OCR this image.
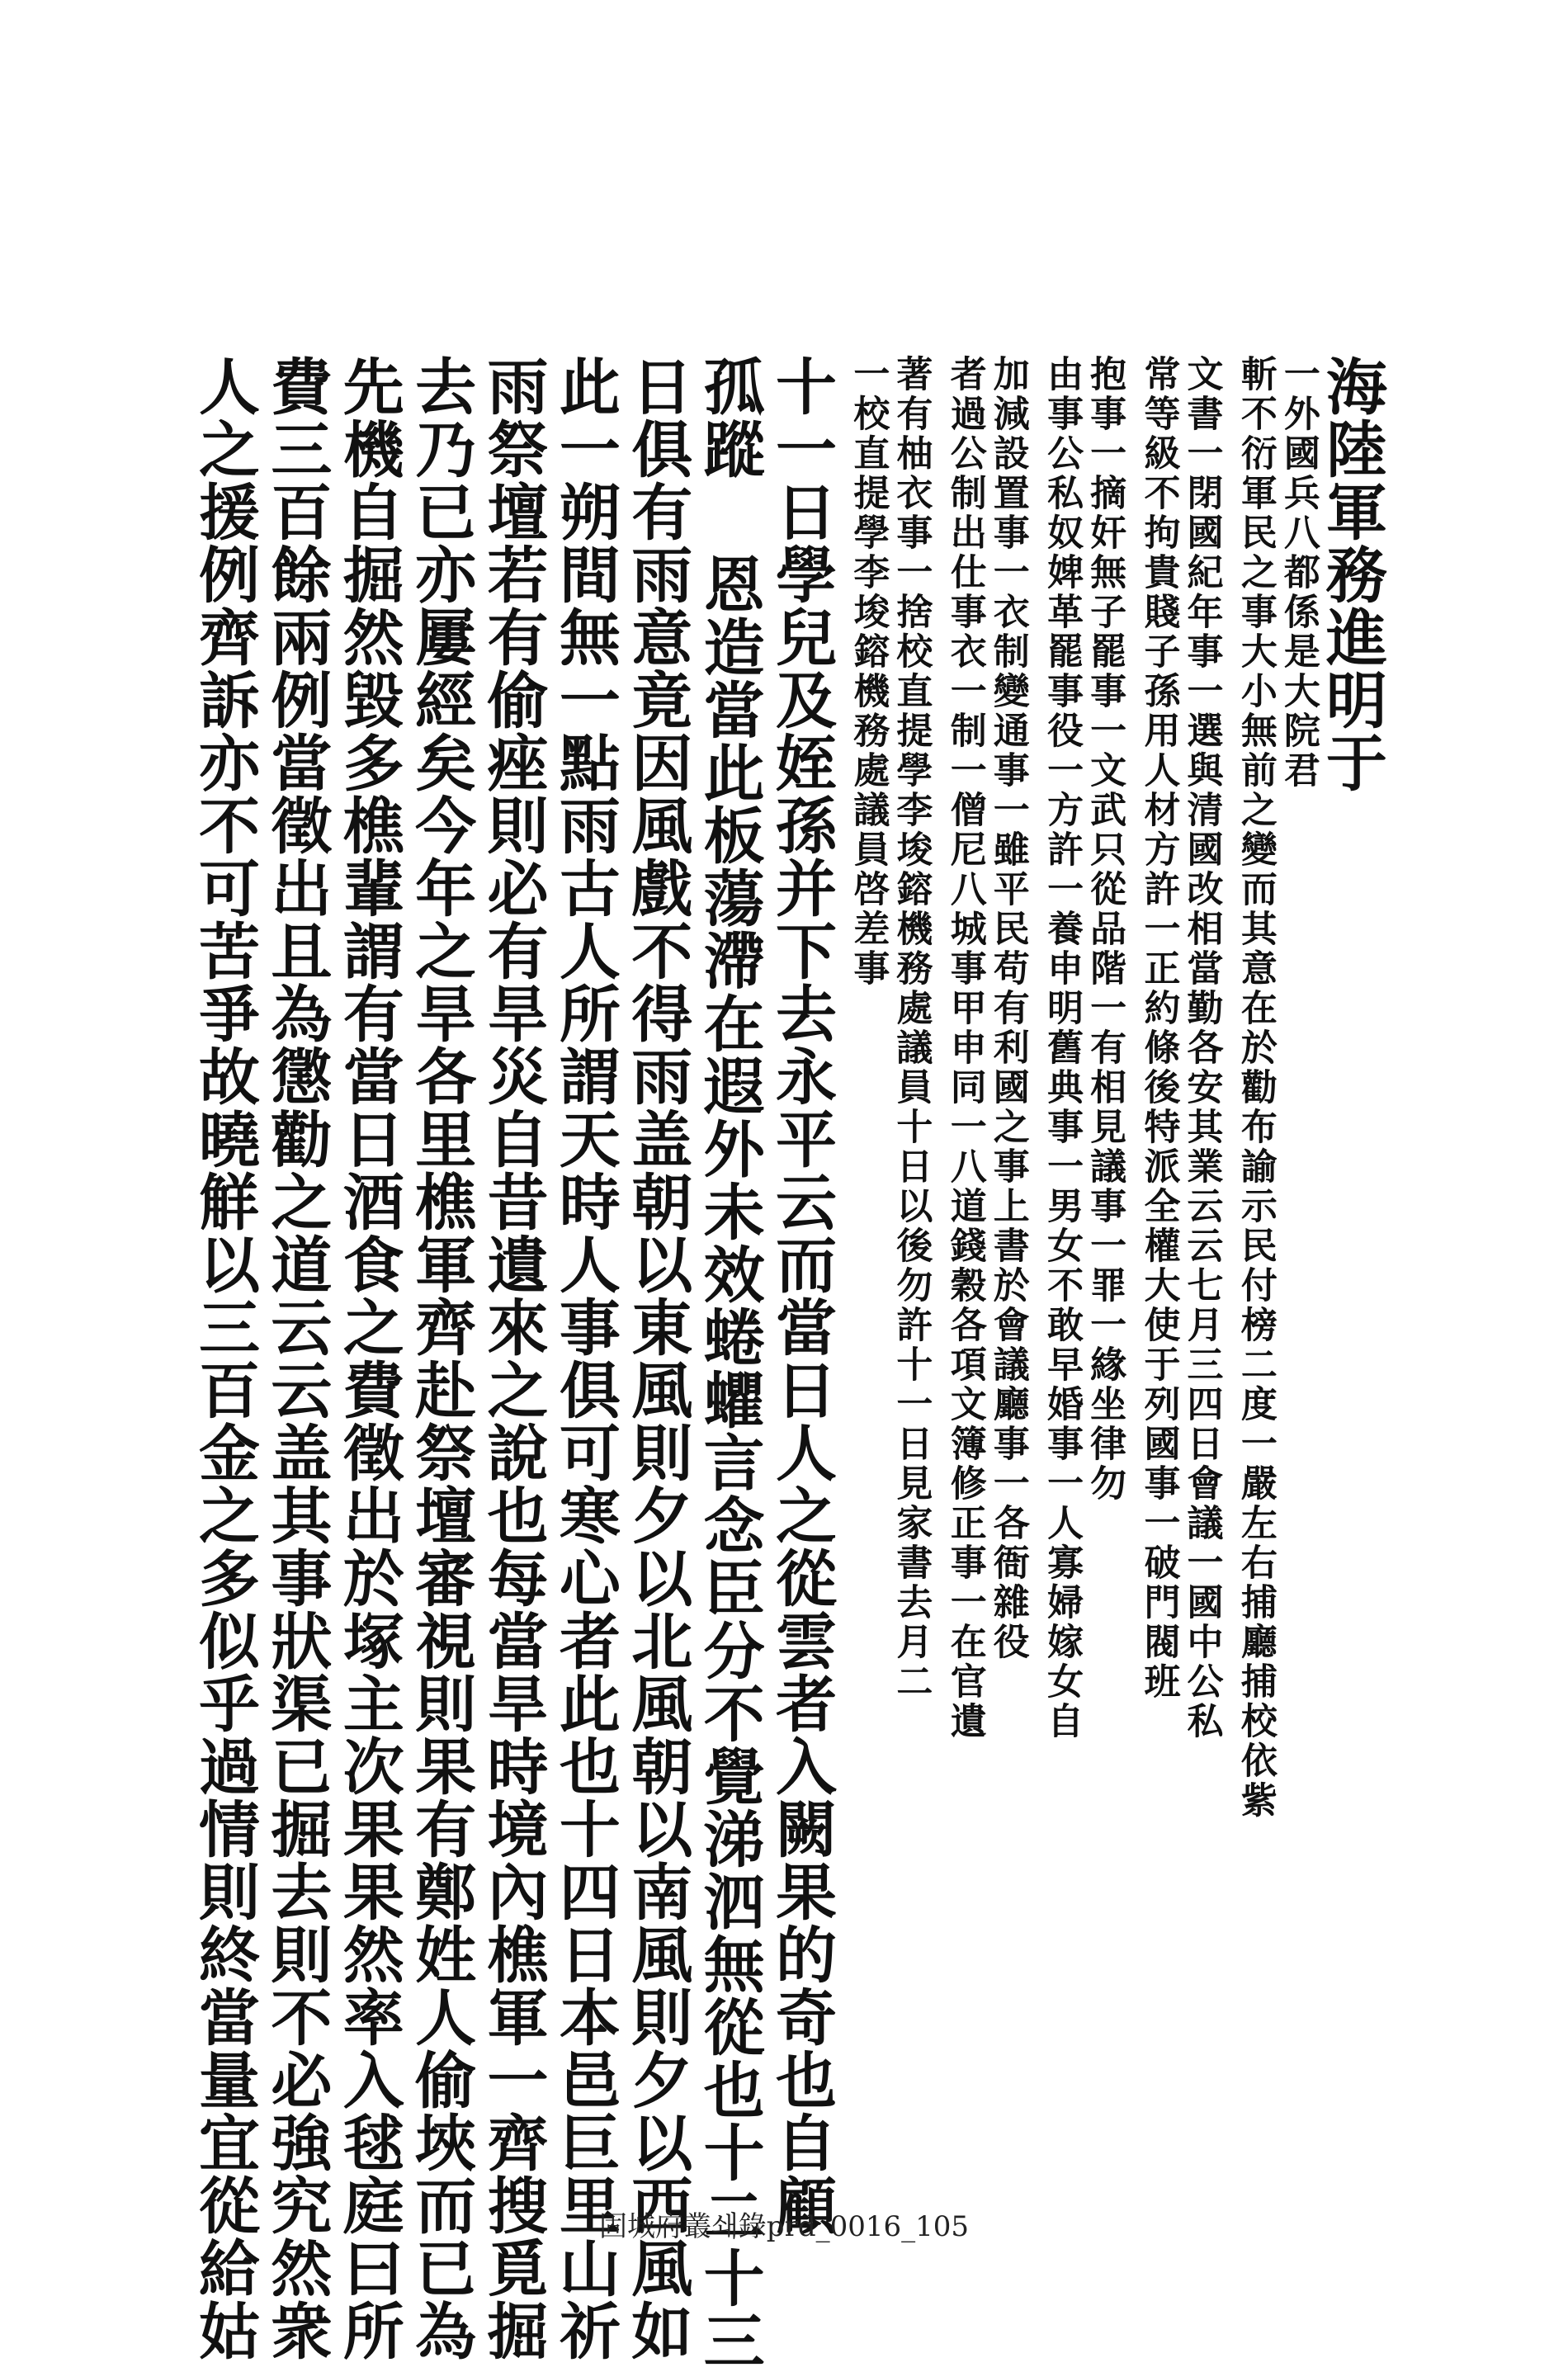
海陸軍務進明于
一外國兵八都係是大院君
斬不衍軍民之事大小無前之變而其意在於勸布諭示民付榜二度一嚴左右捕廳捕校依紫
文書一閉國紀年事一選與清國改相當勤各安其業云云七月三四日會議一國中公私
常等級不拘貴賤子孫用人材方許一正約條後特派全權大使于列國事一破門閥班
抱事一摘奸無子罷事一文武只從品階一有相見議事一罪一緣坐律勿
由事公私奴婢革罷事役一方許一養申明舊典事一男女不敢早婚事一人寡婦嫁女自
加減設置事一衣制變通事一雖平民苟有利國之事上書於會議廳事一各衙雜役
者過公制出仕事衣一制一僧尼八城事甲申同一八道錢穀各項文簿修正事一在官遺
著有柚衣事一捨校直提學李埈鎔機務處議員十日以後勿許十一日見家書去月二
一校直提學李埈鎔機務處議員啓差事
十一日學兒及姪孫并下去永平云而當日人之從雲者入闕果的奇也自顧
孤蹤 恩造當此板蕩滯在遐外未效蜷蠷言念臣分不覺涕泗無從也十二十三
日俱有雨意竟因風戲不得雨盖朝以東風則夕以北風朝以南風則夕以西風如
此一朔間無一點雨古人所謂天時人事俱可寒心者此也十四日本邑巨里山祈
雨祭壇若有偷痤則必有旱災自昔遺來之說也每當旱時境內樵軍一齊搜覓掘
去乃已亦屢經矣今年之旱各里樵軍齊赴祭壇審視則果有鄭姓人偷埉而已為
先機自掘然毀多樵輩謂有當日酒食之費徵出於塚主次果果然率入毬庭曰所
費三百餘兩例當徵出且為懲勸之道云云盖其事狀渠已掘去則不必強究然衆
人之援例齊訴亦不可苦爭故曉觧以三百金之多似乎過情則終當量宜從給姑	固城府叢쇄錄prd_0016_105
